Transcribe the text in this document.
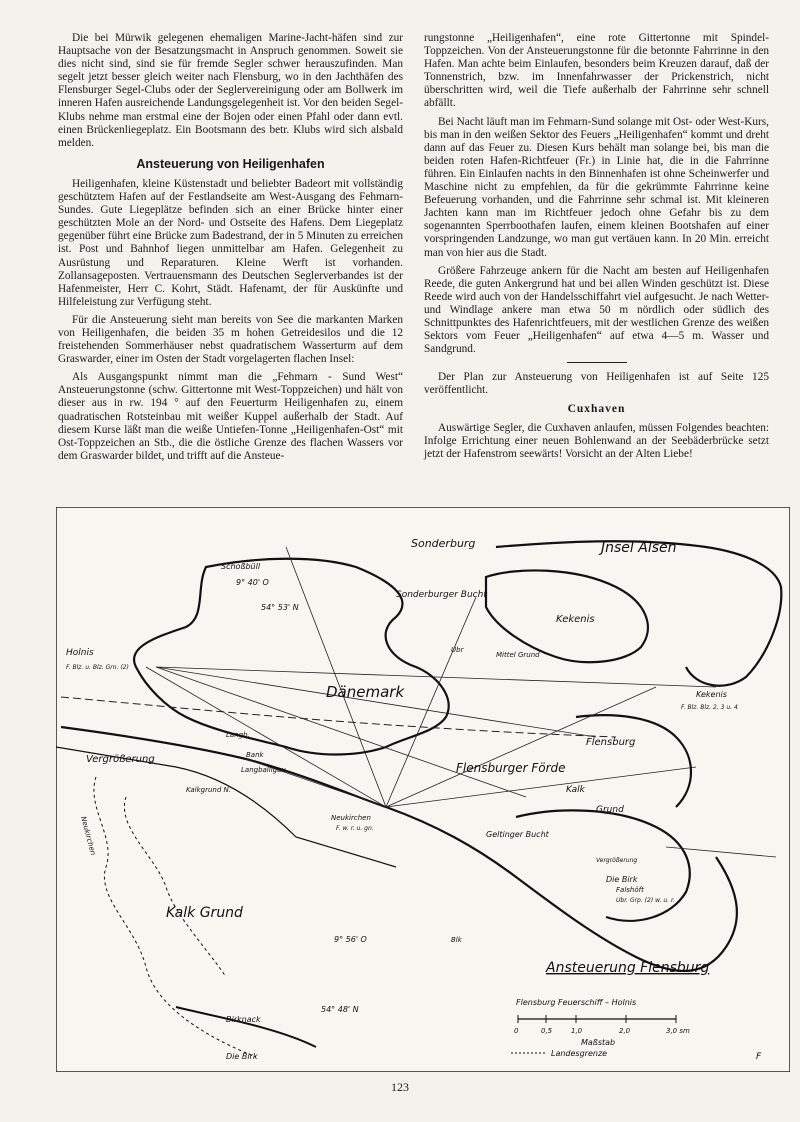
Die bei Mürwik gelegenen ehemaligen Marine-Jacht-häfen sind zur Hauptsache von der Besatzungsmacht in Anspruch genommen. Soweit sie dies nicht sind, sind sie für fremde Segler schwer herauszufinden. Man segelt jetzt besser gleich weiter nach Flensburg, wo in den Jachthäfen des Flensburger Segel-Clubs oder der Seglervereinigung oder am Bollwerk im inneren Hafen ausreichende Landungsgelegenheit ist. Vor den beiden Segel-Klubs nehme man erstmal eine der Bojen oder einen Pfahl oder dann evtl. einen Brückenliegeplatz. Ein Bootsmann des betr. Klubs wird sich alsbald melden.

Ansteuerung von Heiligenhafen

Heiligenhafen, kleine Küstenstadt und beliebter Badeort mit vollständig geschütztem Hafen auf der Festlandseite am West-Ausgang des Fehmarn-Sundes. Gute Liegeplätze befinden sich an einer Brücke hinter einer geschützten Mole an der Nord- und Ostseite des Hafens. Dem Liegeplatz gegenüber führt eine Brücke zum Badestrand, der in 5 Minuten zu erreichen ist. Post und Bahnhof liegen unmittelbar am Hafen. Gelegenheit zu Ausrüstung und Reparaturen. Kleine Werft ist vorhanden. Zollansageposten. Vertrauensmann des Deutschen Seglerverbandes ist der Hafenmeister, Herr C. Kohrt, Städt. Hafenamt, der für Auskünfte und Hilfeleistung zur Verfügung steht.

Für die Ansteuerung sieht man bereits von See die markanten Marken von Heiligenhafen, die beiden 35 m hohen Getreidesilos und die 12 freistehenden Sommerhäuser nebst quadratischem Wasserturm auf dem Graswarder, einer im Osten der Stadt vorgelagerten flachen Insel:

Als Ausgangspunkt nimmt man die „Fehmarn - Sund West“ Ansteuerungstonne (schw. Gittertonne mit West-Toppzeichen) und hält von dieser aus in rw. 194 ° auf den Feuerturm Heiligenhafen zu, einem quadratischen Rotsteinbau mit weißer Kuppel außerhalb der Stadt. Auf diesem Kurse läßt man die weiße Untiefen-Tonne „Heiligenhafen-Ost“ mit Ost-Toppzeichen an Stb., die die östliche Grenze des flachen Wassers vor dem Graswarder bildet, und trifft auf die Ansteue-

rungstonne „Heiligenhafen“, eine rote Gittertonne mit Spindel-Toppzeichen. Von der Ansteuerungstonne für die betonnte Fahrrinne in den Hafen. Man achte beim Einlaufen, besonders beim Kreuzen darauf, daß der Tonnenstrich, bzw. im Innenfahrwasser der Prickenstrich, nicht überschritten wird, weil die Tiefe außerhalb der Fahrrinne sehr schnell abfällt.

Bei Nacht läuft man im Fehmarn-Sund solange mit Ost- oder West-Kurs, bis man in den weißen Sektor des Feuers „Heiligenhafen“ kommt und dreht dann auf das Feuer zu. Diesen Kurs behält man solange bei, bis man die beiden roten Hafen-Richtfeuer (Fr.) in Linie hat, die in die Fahrrinne führen. Ein Einlaufen nachts in den Binnenhafen ist ohne Scheinwerfer und Maschine nicht zu empfehlen, da für die gekrümmte Fahrrinne keine Befeuerung vorhanden, und die Fahrrinne sehr schmal ist. Mit kleineren Jachten kann man im Richtfeuer jedoch ohne Gefahr bis zu dem sogenannten Sperrboothafen laufen, einem kleinen Bootshafen auf einer vorspringenden Landzunge, wo man gut vertäuen kann. In 20 Min. erreicht man von hier aus die Stadt.

Größere Fahrzeuge ankern für die Nacht am besten auf Heiligenhafen Reede, die guten Ankergrund hat und bei allen Winden geschützt ist. Diese Reede wird auch von der Handelsschiffahrt viel aufgesucht. Je nach Wetter- und Windlage ankere man etwa 50 m nördlich oder südlich des Schnittpunktes des Hafenrichtfeuers, mit der westlichen Grenze des weißen Sektors vom Feuer „Heiligenhafen“ auf etwa 4—5 m. Wasser und Sandgrund.

Der Plan zur Ansteuerung von Heiligenhafen ist auf Seite 125 veröffentlicht.

Cuxhaven

Auswärtige Segler, die Cuxhaven anlaufen, müssen Folgendes beachten: Infolge Errichtung einer neuen Bohlenwand an der Seebäderbrücke setzt jetzt der Hafenstrom seewärts! Vorsicht an der Alten Liebe!

Sonderburg	Jnsel Alsen
Schoßbüll
9° 40' O
54° 53' N
Sonderburger Bucht
Kekenis
Kekenis
F. Blz. Blz. 2, 3 u. 4
Holnis
F. Blz. u. Blz. Grn. (2)
Mittel Grund
Dänemark
Flensburg
Langb.
Bank
Vergrößerung
Langballigau	Flensburger Förde
Kalkgrund N.
Neukirchen
F. w. r. u. gn.
Neukirchen
Kalk Grund
Kalk
Grund
Geltinger Bucht
Vergrößerung
Die Birk
Falshöft
Ubr. Grp. (2) w. u. r.
9° 56' O
54° 48' N
Birknack
Die Birk
Ubr
Blk
Ansteuerung Flensburg
Flensburg Feuerschiff – Holnis
0	0,5	1,0	2,0	3,0 sm
Maßstab
Landesgrenze	F
123
